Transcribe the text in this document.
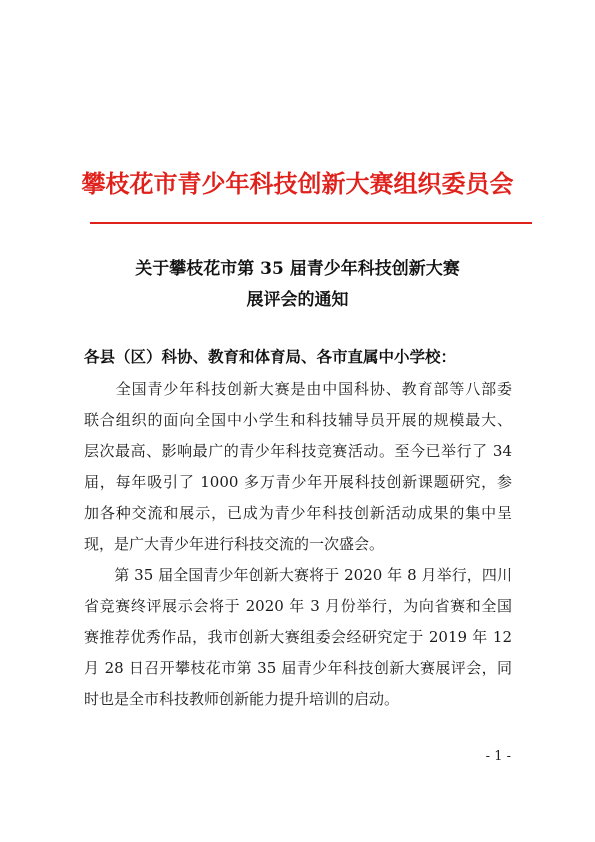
攀枝花市青少年科技创新大赛组织委员会
关于攀枝花市第 35 届青少年科技创新大赛
展评会的通知
各县（区）科协、教育和体育局、各市直属中小学校：
　　全国青少年科技创新大赛是由中国科协、教育部等八部委
联合组织的面向全国中小学生和科技辅导员开展的规模最大、
层次最高、影响最广的青少年科技竞赛活动。至今已举行了 34
届，每年吸引了 1000 多万青少年开展科技创新课题研究，参
加各种交流和展示，已成为青少年科技创新活动成果的集中呈
现，是广大青少年进行科技交流的一次盛会。
　　第 35 届全国青少年创新大赛将于 2020 年 8 月举行，四川
省竞赛终评展示会将于 2020 年 3 月份举行，为向省赛和全国
赛推荐优秀作品，我市创新大赛组委会经研究定于 2019 年 12
月 28 日召开攀枝花市第 35 届青少年科技创新大赛展评会，同
时也是全市科技教师创新能力提升培训的启动。
- 1 -
